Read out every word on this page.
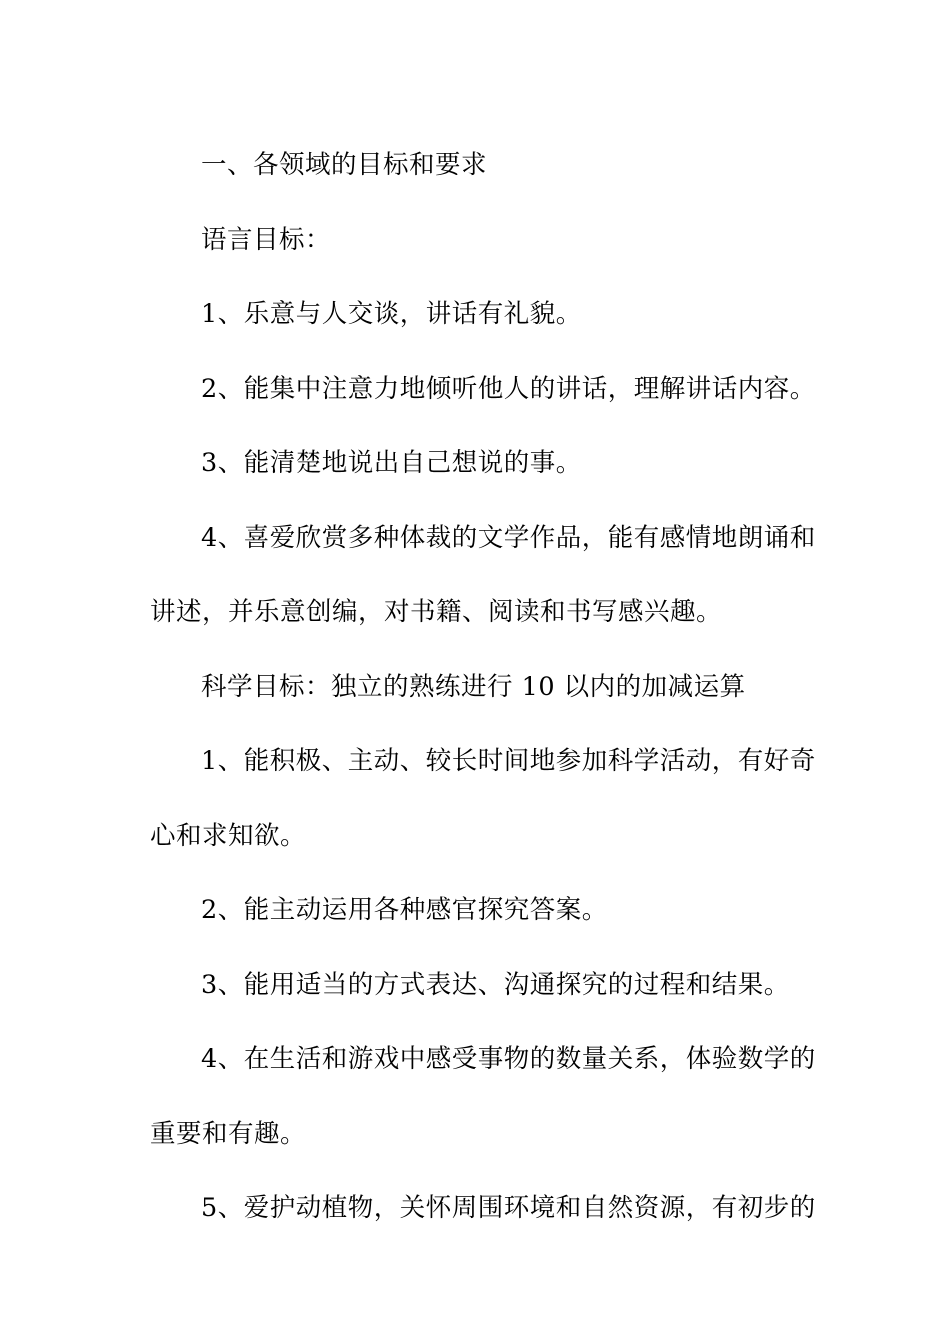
一、各领域的目标和要求

语言目标：

1、乐意与人交谈，讲话有礼貌。

2、能集中注意力地倾听他人的讲话，理解讲话内容。

3、能清楚地说出自己想说的事。

4、喜爱欣赏多种体裁的文学作品，能有感情地朗诵和

讲述，并乐意创编，对书籍、阅读和书写感兴趣。

科学目标：独立的熟练进行 10 以内的加减运算

1、能积极、主动、较长时间地参加科学活动，有好奇

心和求知欲。

2、能主动运用各种感官探究答案。

3、能用适当的方式表达、沟通探究的过程和结果。

4、在生活和游戏中感受事物的数量关系，体验数学的

重要和有趣。

5、爱护动植物，关怀周围环境和自然资源，有初步的
